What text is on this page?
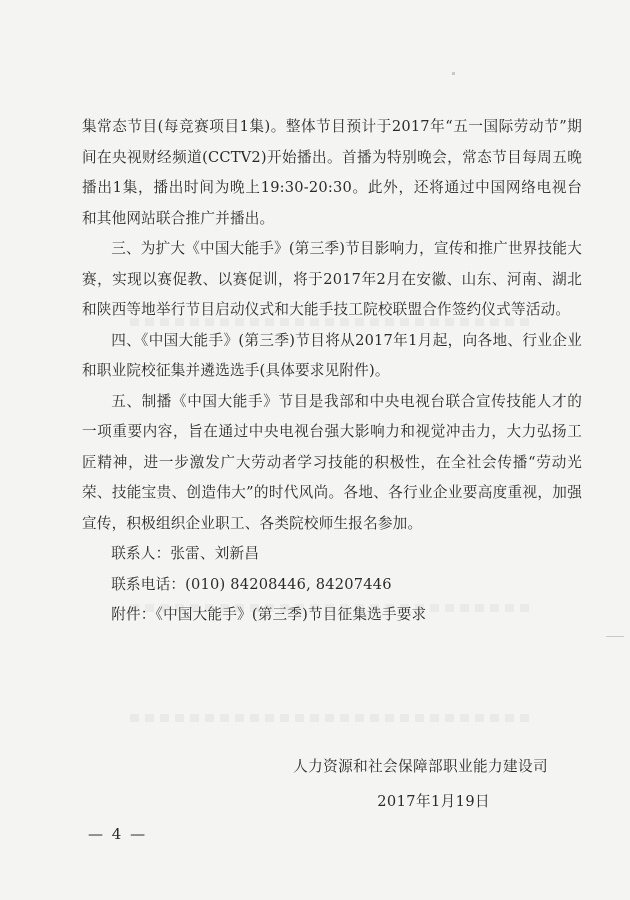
集常态节目(每竞赛项目1集)。整体节目预计于2017年“五一国际劳动节”期间在央视财经频道(CCTV2)开始播出。首播为特别晚会，常态节目每周五晚播出1集，播出时间为晚上19:30-20:30。此外，还将通过中国网络电视台和其他网站联合推广并播出。

三、为扩大《中国大能手》(第三季)节目影响力，宣传和推广世界技能大赛，实现以赛促教、以赛促训，将于2017年2月在安徽、山东、河南、湖北和陕西等地举行节目启动仪式和大能手技工院校联盟合作签约仪式等活动。

四、《中国大能手》(第三季)节目将从2017年1月起，向各地、行业企业和职业院校征集并遴选选手(具体要求见附件)。

五、制播《中国大能手》节目是我部和中央电视台联合宣传技能人才的一项重要内容，旨在通过中央电视台强大影响力和视觉冲击力，大力弘扬工匠精神，进一步激发广大劳动者学习技能的积极性，在全社会传播“劳动光荣、技能宝贵、创造伟大”的时代风尚。各地、各行业企业要高度重视，加强宣传，积极组织企业职工、各类院校师生报名参加。

联系人：张雷、刘新昌

联系电话：(010) 84208446, 84207446

附件：《中国大能手》(第三季)节目征集选手要求

人力资源和社会保障部职业能力建设司
2017年1月19日
— 4 —
